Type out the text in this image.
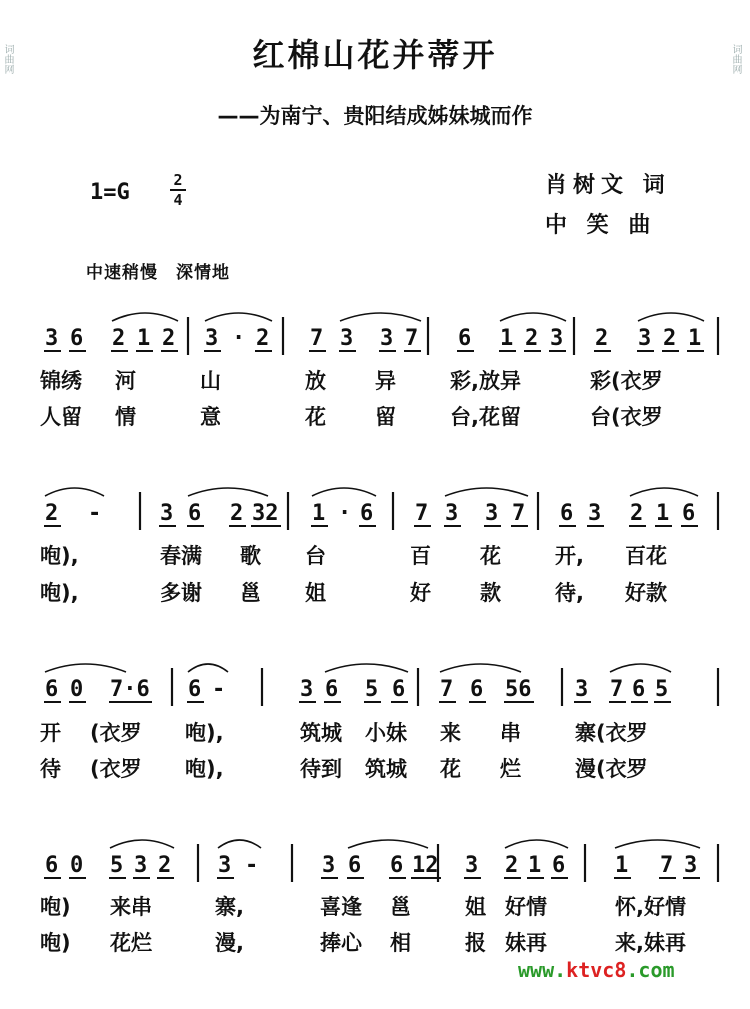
词曲网	词曲网
红棉山花并蒂开
——为南宁、贵阳结成姊妹城而作
1=G	2
4
肖树文 词
中 笑 曲
中速稍慢　深情地
3 6 2 1 2 3 · 2 7 3 3 7 6 1 2 3 2 3 2 1
锦绣 河	山	放 异	彩,放异	彩(衣罗
人留 情	意	花 留	台,花留	台(衣罗
2 -	3 6 2 32 1 · 6 7 3 3 7 6 3 2 1 6
咆),	春满 歌 台	百 花	开, 百花
咆),	多谢 邕 姐	好 款	待, 好款
6 0 7·6 6 -	3 6 5 6 7 6 56 3 7 6 5
开 (衣罗 咆),	筑城 小妹 来 串	寨(衣罗
待 (衣罗 咆),	待到 筑城 花 烂	漫(衣罗
6 0 5 3 2 3 -	3 6 6 12 3 2 1 6 1 7 3
咆) 来串	寨,	喜逢 邕	姐 好情	怀,好情
咆) 花烂	漫,	捧心 相	报 妹再	来,妹再
www.ktvc8.com
